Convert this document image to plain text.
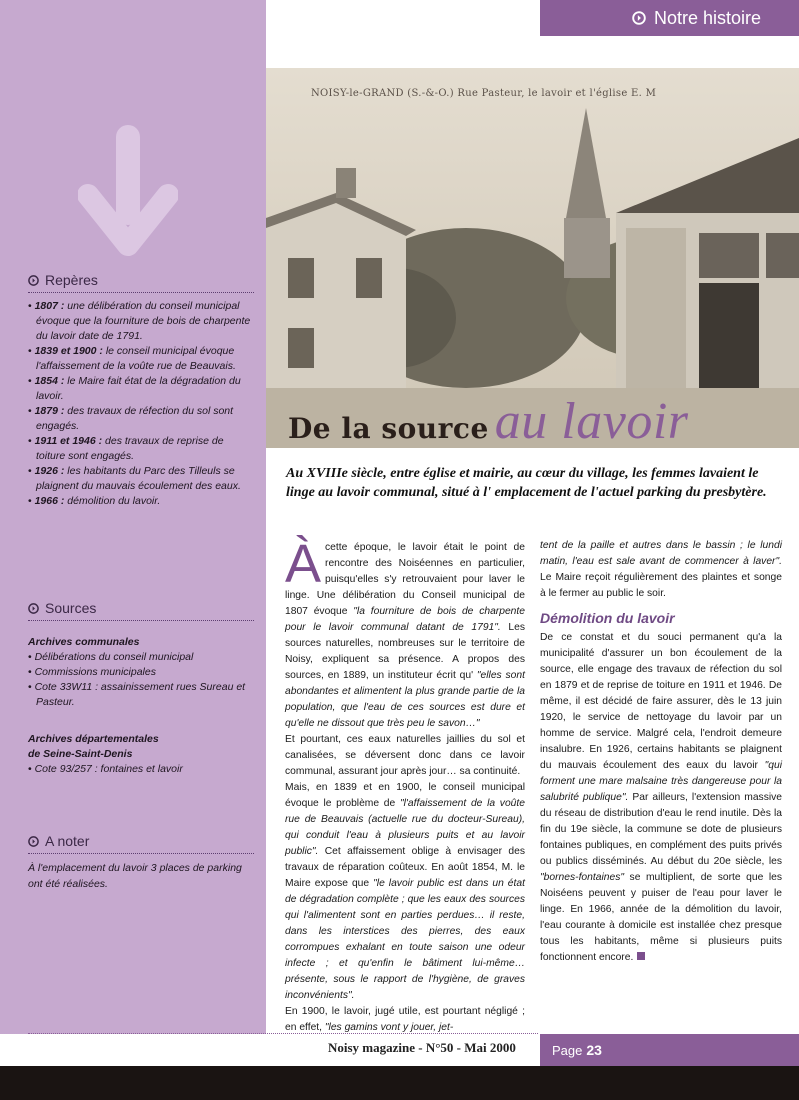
Repères
• 1807 : une délibération du conseil municipal évoque que la fourniture de bois de charpente du lavoir date de 1791.
• 1839 et 1900 : le conseil municipal évoque l'affaissement de la voûte rue de Beauvais.
• 1854 : le Maire fait état de la dégradation du lavoir.
• 1879 : des travaux de réfection du sol sont engagés.
• 1911 et 1946 : des travaux de reprise de toiture sont engagés.
• 1926 : les habitants du Parc des Tilleuls se plaignent du mauvais écoulement des eaux.
• 1966 : démolition du lavoir.
Sources
Archives communales
• Délibérations du conseil municipal
• Commissions municipales
• Cote 33W11 : assainissement rues Sureau et Pasteur.
Archives départementales
de Seine-Saint-Denis
• Cote 93/257 : fontaines et lavoir
A noter

À l'emplacement du lavoir 3 places de parking ont été réalisées.

Notre histoire
NOISY-le-GRAND (S.-&-O.) Rue Pasteur, le lavoir et l'église E. M
De la source au lavoir

Au XVIIIe siècle, entre église et mairie, au cœur du village, les femmes lavaient le linge au lavoir communal, situé à l' emplacement de l'actuel parking du presbytère.

À cette époque, le lavoir était le point de rencontre des Noiséennes en particulier, puisqu'elles s'y retrouvaient pour laver le linge. Une délibération du Conseil municipal de 1807 évoque "la fourniture de bois de charpente pour le lavoir communal datant de 1791". Les sources naturelles, nombreuses sur le territoire de Noisy, expliquent sa présence. A propos des sources, en 1889, un instituteur écrit qu' "elles sont abondantes et alimentent la plus grande partie de la population, que l'eau de ces sources est dure et qu'elle ne dissout que très peu le savon…"

Et pourtant, ces eaux naturelles jaillies du sol et canalisées, se déversent donc dans ce lavoir communal, assurant jour après jour… sa continuité.

Mais, en 1839 et en 1900, le conseil municipal évoque le problème de "l'affaissement de la voûte rue de Beauvais (actuelle rue du docteur-Sureau), qui conduit l'eau à plusieurs puits et au lavoir public". Cet affaissement oblige à envisager des travaux de réparation coûteux. En août 1854, M. le Maire expose que "le lavoir public est dans un état de dégradation complète ; que les eaux des sources qui l'alimentent sont en parties perdues… il reste, dans les interstices des pierres, des eaux corrompues exhalant en toute saison une odeur infecte ; et qu'enfin le bâtiment lui-même… présente, sous le rapport de l'hygiène, de graves inconvénients".

En 1900, le lavoir, jugé utile, est pourtant négligé ; en effet, "les gamins vont y jouer, jet-

tent de la paille et autres dans le bassin ; le lundi matin, l'eau est sale avant de commencer à laver". Le Maire reçoit régulièrement des plaintes et songe à le fermer au public le soir.

Démolition du lavoir

De ce constat et du souci permanent qu'a la municipalité d'assurer un bon écoulement de la source, elle engage des travaux de réfection du sol en 1879 et de reprise de toiture en 1911 et 1946. De même, il est décidé de faire assurer, dès le 13 juin 1920, le service de nettoyage du lavoir par un homme de service. Malgré cela, l'endroit demeure insalubre. En 1926, certains habitants se plaignent du mauvais écoulement des eaux du lavoir "qui forment une mare malsaine très dangereuse pour la salubrité publique". Par ailleurs, l'extension massive du réseau de distribution d'eau le rend inutile. Dès la fin du 19e siècle, la commune se dote de plusieurs fontaines publiques, en complément des puits privés ou publics disséminés. Au début du 20e siècle, les "bornes-fontaines" se multiplient, de sorte que les Noiséens peuvent y puiser de l'eau pour laver le linge. En 1966, année de la démolition du lavoir, l'eau courante à domicile est installée chez presque tous les habitants, même si plusieurs puits fonctionnent encore.

Noisy magazine - N°50 - Mai 2000	Page 23
